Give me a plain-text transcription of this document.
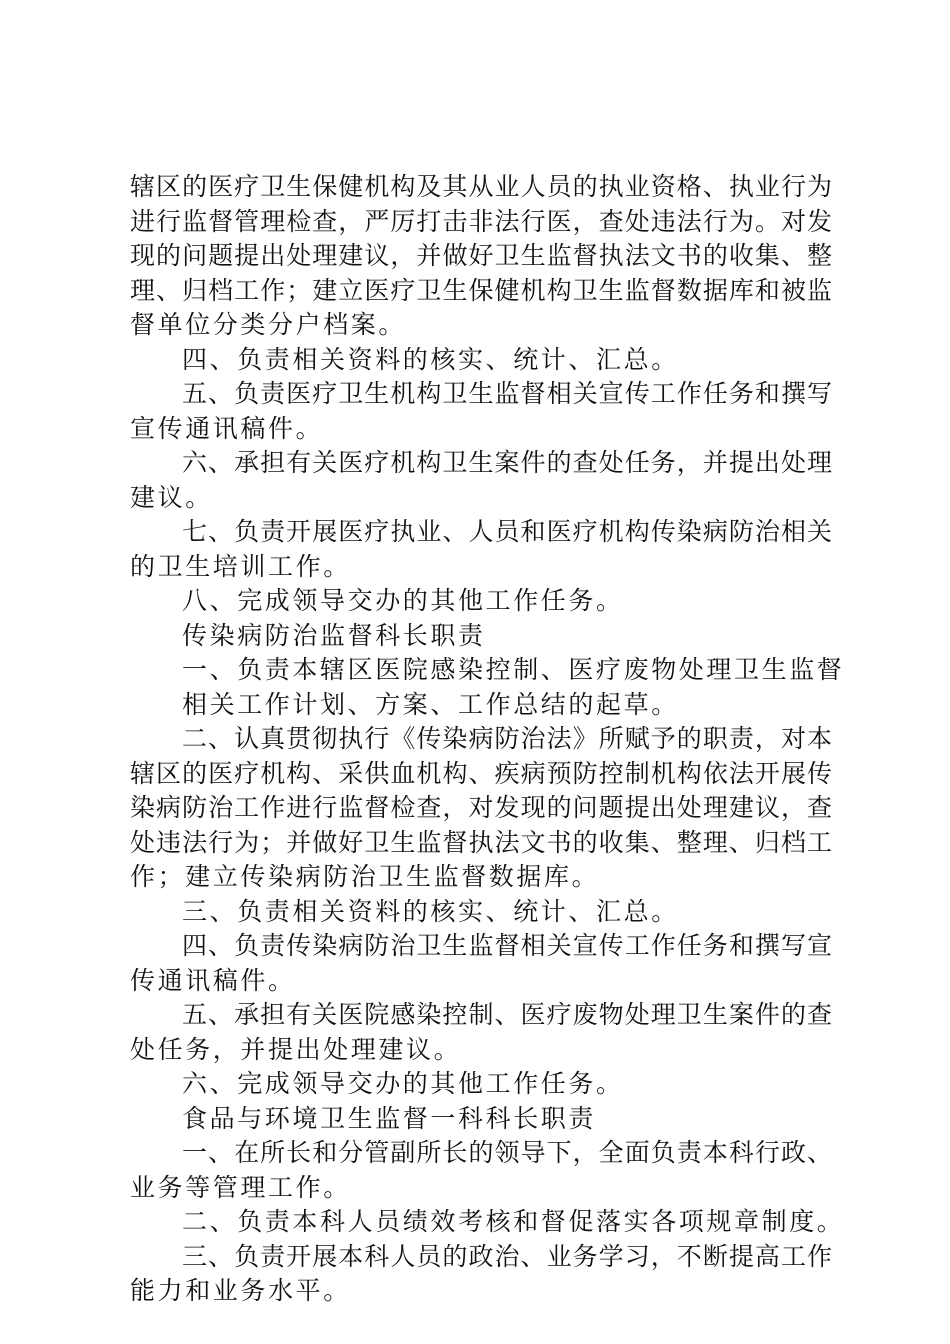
辖区的医疗卫生保健机构及其从业人员的执业资格、执业行为
进行监督管理检查，严厉打击非法行医，查处违法行为。对发
现的问题提出处理建议，并做好卫生监督执法文书的收集、整
理、归档工作；建立医疗卫生保健机构卫生监督数据库和被监
督单位分类分户档案。
四、负责相关资料的核实、统计、汇总。
五、负责医疗卫生机构卫生监督相关宣传工作任务和撰写
宣传通讯稿件。
六、承担有关医疗机构卫生案件的查处任务，并提出处理
建议。
七、负责开展医疗执业、人员和医疗机构传染病防治相关
的卫生培训工作。
八、完成领导交办的其他工作任务。
传染病防治监督科长职责
一、负责本辖区医院感染控制、医疗废物处理卫生监督
相关工作计划、方案、工作总结的起草。
二、认真贯彻执行《传染病防治法》所赋予的职责，对本
辖区的医疗机构、采供血机构、疾病预防控制机构依法开展传
染病防治工作进行监督检查，对发现的问题提出处理建议，查
处违法行为；并做好卫生监督执法文书的收集、整理、归档工
作；建立传染病防治卫生监督数据库。
三、负责相关资料的核实、统计、汇总。
四、负责传染病防治卫生监督相关宣传工作任务和撰写宣
传通讯稿件。
五、承担有关医院感染控制、医疗废物处理卫生案件的查
处任务，并提出处理建议。
六、完成领导交办的其他工作任务。
食品与环境卫生监督一科科长职责
一、在所长和分管副所长的领导下，全面负责本科行政、
业务等管理工作。
二、负责本科人员绩效考核和督促落实各项规章制度。
三、负责开展本科人员的政治、业务学习，不断提高工作
能力和业务水平。
